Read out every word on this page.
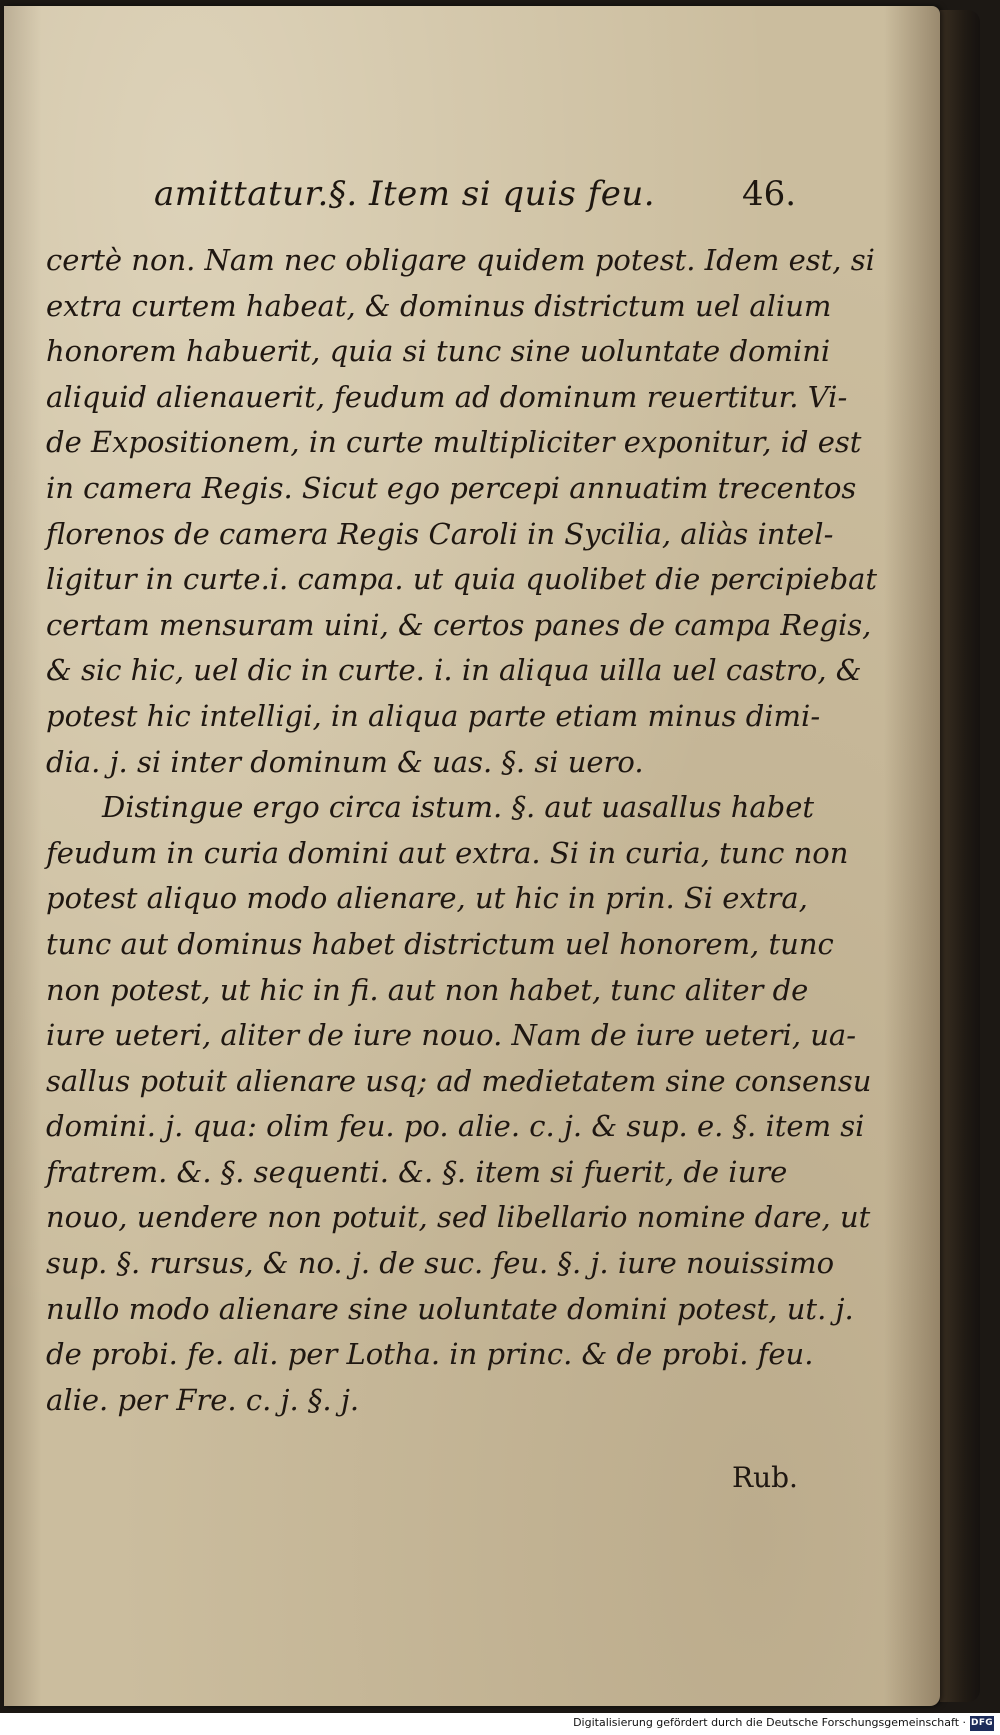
amittatur.§. Item si quis feu.	46.
certè non. Nam nec obligare quidem potest. Idem est, si
extra curtem habeat, & dominus districtum uel alium
honorem habuerit, quia si tunc sine uoluntate domini
aliquid alienauerit, feudum ad dominum reuertitur. Vi-
de Expositionem, in curte multipliciter exponitur, id est
in camera Regis. Sicut ego percepi annuatim trecentos
florenos de camera Regis Caroli in Sycilia, aliàs intel-
ligitur in curte.i. campa. ut quia quolibet die percipiebat
certam mensuram uini, & certos panes de campa Regis,
& sic hic, uel dic in curte. i. in aliqua uilla uel castro, &
potest hic intelligi, in aliqua parte etiam minus dimi-
dia. j. si inter dominum & uas. §. si uero.
Distingue ergo circa istum. §. aut uasallus habet
feudum in curia domini aut extra. Si in curia, tunc non
potest aliquo modo alienare, ut hic in prin. Si extra,
tunc aut dominus habet districtum uel honorem, tunc
non potest, ut hic in fi. aut non habet, tunc aliter de
iure ueteri, aliter de iure nouo. Nam de iure ueteri, ua-
sallus potuit alienare usq; ad medietatem sine consensu
domini. j. qua: olim feu. po. alie. c. j. & sup. e. §. item si
fratrem. &. §. sequenti. &. §. item si fuerit, de iure
nouo, uendere non potuit, sed libellario nomine dare, ut
sup. §. rursus, & no. j. de suc. feu. §. j. iure nouissimo
nullo modo alienare sine uoluntate domini potest, ut. j.
de probi. fe. ali. per Lotha. in princ. & de probi. feu.
alie. per Fre. c. j. §. j.
Rub.
Digitalisierung gefördert durch die Deutsche Forschungsgemeinschaft · DFG
